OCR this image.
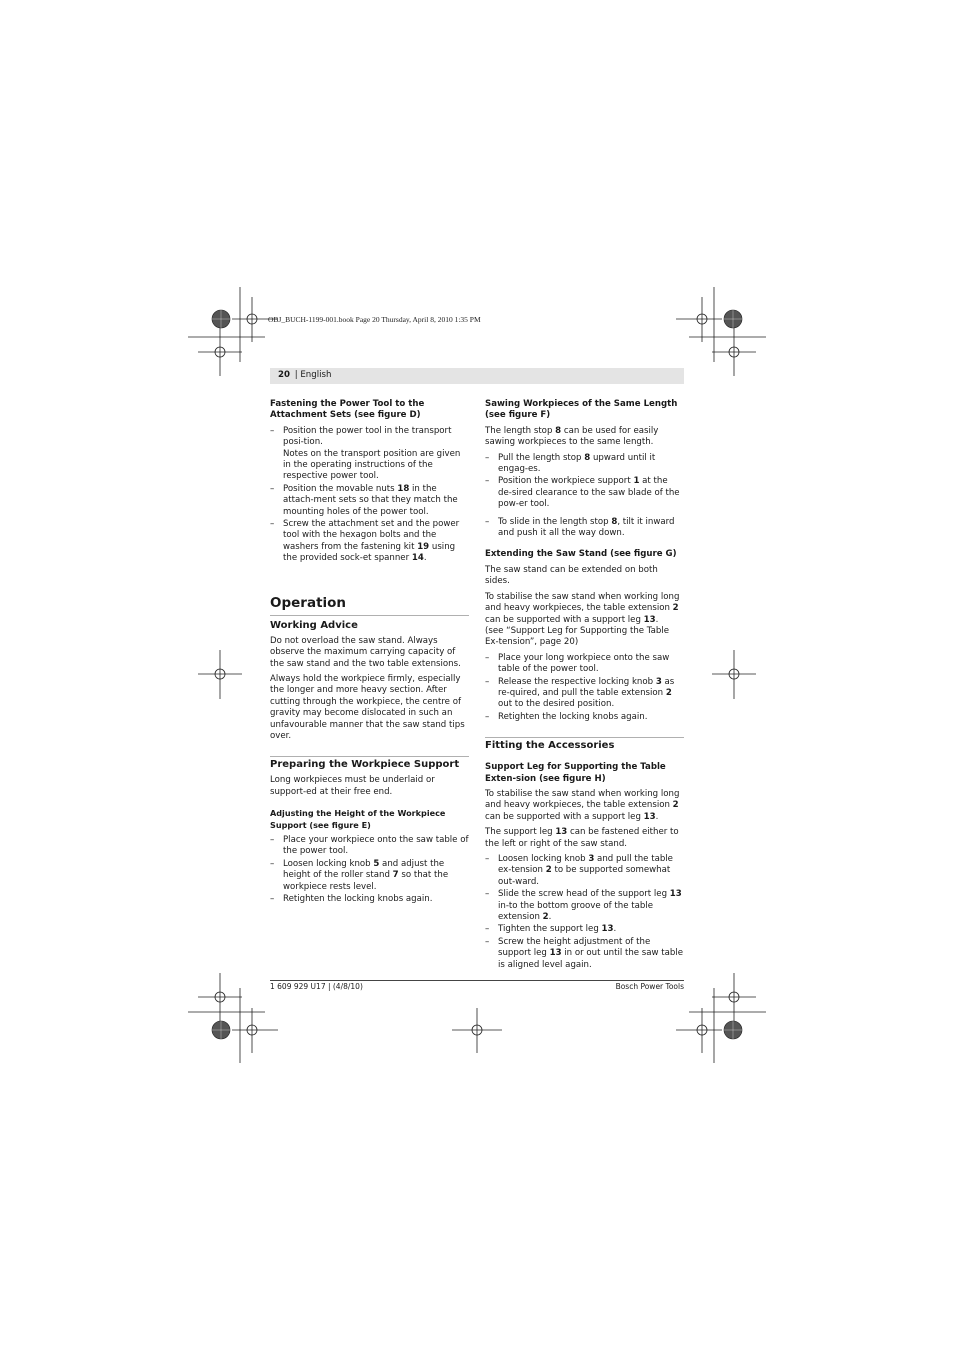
OBJ_BUCH-1199-001.book Page 20 Thursday, April 8, 2010 1:35 PM
20 | English
Fastening the Power Tool to the Attachment Sets (see figure D)
– Position the power tool in the transport posi-tion.
Notes on the transport position are given in the operating instructions of the respective power tool.
– Position the movable nuts 18 in the attach-ment sets so that they match the mounting holes of the power tool.
– Screw the attachment set and the power tool with the hexagon bolts and the washers from the fastening kit 19 using the provided sock-et spanner 14.
Operation
Working Advice

Do not overload the saw stand. Always observe the maximum carrying capacity of the saw stand and the two table extensions.

Always hold the workpiece firmly, especially the longer and more heavy section. After cutting through the workpiece, the centre of gravity may become dislocated in such an unfavourable manner that the saw stand tips over.

Preparing the Workpiece Support

Long workpieces must be underlaid or support-ed at their free end.

Adjusting the Height of the Workpiece Support (see figure E)
– Place your workpiece onto the saw table of the power tool.
– Loosen locking knob 5 and adjust the height of the roller stand 7 so that the workpiece rests level.
– Retighten the locking knobs again.
Sawing Workpieces of the Same Length (see figure F)

The length stop 8 can be used for easily sawing workpieces to the same length.

– Pull the length stop 8 upward until it engag-es.
– Position the workpiece support 1 at the de-sired clearance to the saw blade of the pow-er tool.
– To slide in the length stop 8, tilt it inward and push it all the way down.
Extending the Saw Stand (see figure G)

The saw stand can be extended on both sides.

To stabilise the saw stand when working long and heavy workpieces, the table extension 2 can be supported with a support leg 13.
(see “Support Leg for Supporting the Table Ex-tension”, page 20)

– Place your long workpiece onto the saw table of the power tool.
– Release the respective locking knob 3 as re-quired, and pull the table extension 2 out to the desired position.
– Retighten the locking knobs again.
Fitting the Accessories
Support Leg for Supporting the Table Exten-sion (see figure H)

To stabilise the saw stand when working long and heavy workpieces, the table extension 2 can be supported with a support leg 13.

The support leg 13 can be fastened either to the left or right of the saw stand.

– Loosen locking knob 3 and pull the table ex-tension 2 to be supported somewhat out-ward.
– Slide the screw head of the support leg 13 in-to the bottom groove of the table extension 2.
– Tighten the support leg 13.
– Screw the height adjustment of the support leg 13 in or out until the saw table is aligned level again.
1 609 929 U17 | (4/8/10)	Bosch Power Tools
